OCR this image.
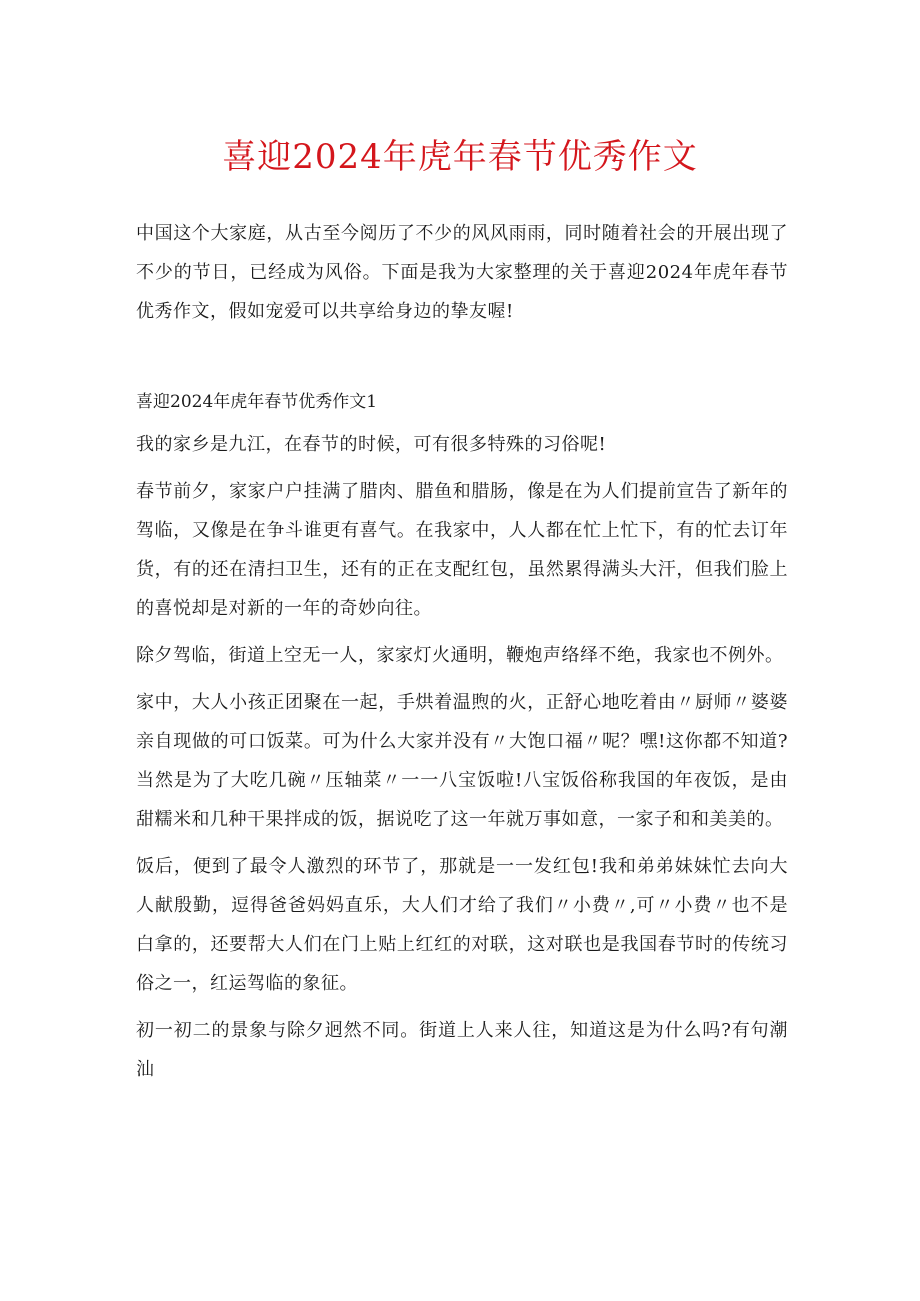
喜迎2024年虎年春节优秀作文

中国这个大家庭，从古至今阅历了不少的风风雨雨，同时随着社会的开展出现了不少的节日，已经成为风俗。下面是我为大家整理的关于喜迎2024年虎年春节优秀作文，假如宠爱可以共享给身边的挚友喔!

喜迎2024年虎年春节优秀作文1

我的家乡是九江，在春节的时候，可有很多特殊的习俗呢!

春节前夕，家家户户挂满了腊肉、腊鱼和腊肠，像是在为人们提前宣告了新年的驾临，又像是在争斗谁更有喜气。在我家中，人人都在忙上忙下，有的忙去订年货，有的还在清扫卫生，还有的正在支配红包，虽然累得满头大汗，但我们脸上的喜悦却是对新的一年的奇妙向往。

除夕驾临，街道上空无一人，家家灯火通明，鞭炮声络绎不绝，我家也不例外。

家中，大人小孩正团聚在一起，手烘着温煦的火，正舒心地吃着由〃厨师〃婆婆亲自现做的可口饭菜。可为什么大家并没有〃大饱口福〃呢？嘿!这你都不知道?当然是为了大吃几碗〃压轴菜〃一一八宝饭啦!八宝饭俗称我国的年夜饭，是由甜糯米和几种干果拌成的饭，据说吃了这一年就万事如意，一家子和和美美的。

饭后，便到了最令人激烈的环节了，那就是一一发红包!我和弟弟妹妹忙去向大人献殷勤，逗得爸爸妈妈直乐，大人们才给了我们〃小费〃,可〃小费〃也不是白拿的，还要帮大人们在门上贴上红红的对联，这对联也是我国春节时的传统习俗之一，红运驾临的象征。

初一初二的景象与除夕迥然不同。街道上人来人往，知道这是为什么吗?有句潮汕
